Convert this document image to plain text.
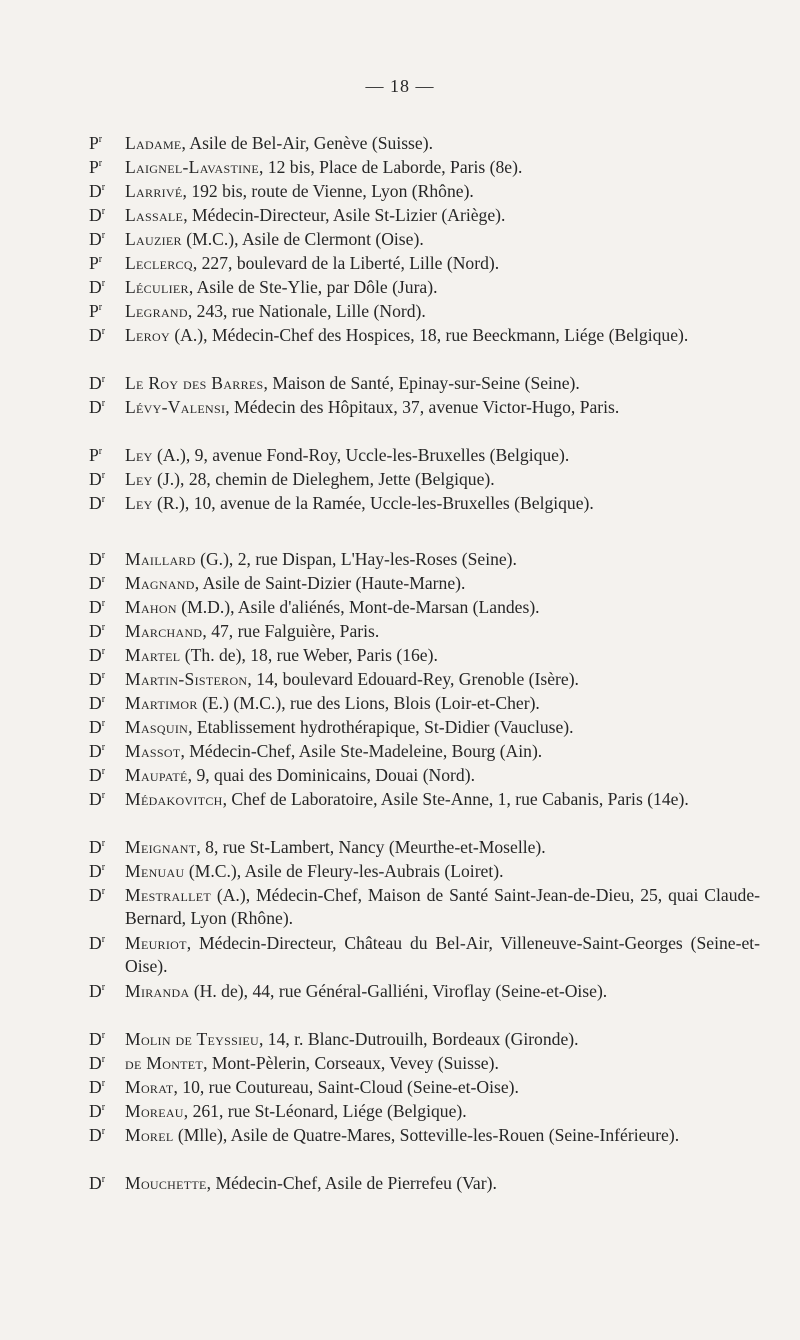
— 18 —

$P^r$ Ladame, Asile de Bel-Air, Genève (Suisse).

$P^r$ Laignel-Lavastine, 12 bis, Place de Laborde, Paris (8e).

$D^r$ Larrivé, 192 bis, route de Vienne, Lyon (Rhône).

$D^r$ Lassale, Médecin-Directeur, Asile St-Lizier (Ariège).

$D^r$ Lauzier (M.C.), Asile de Clermont (Oise).

$P^r$ Leclercq, 227, boulevard de la Liberté, Lille (Nord).

$D^r$ Léculier, Asile de Ste-Ylie, par Dôle (Jura).

$P^r$ Legrand, 243, rue Nationale, Lille (Nord).

$D^r$ Leroy (A.), Médecin-Chef des Hospices, 18, rue Beeckmann, Liége (Belgique).

$D^r$ Le Roy des Barres, Maison de Santé, Epinay-sur-Seine (Seine).

$D^r$ Lévy-Valensi, Médecin des Hôpitaux, 37, avenue Victor-Hugo, Paris.

$P^r$ Ley (A.), 9, avenue Fond-Roy, Uccle-les-Bruxelles (Belgique).

$D^r$ Ley (J.), 28, chemin de Dieleghem, Jette (Belgique).

$D^r$ Ley (R.), 10, avenue de la Ramée, Uccle-les-Bruxelles (Belgique).

$D^r$ Maillard (G.), 2, rue Dispan, L'Hay-les-Roses (Seine).

$D^r$ Magnand, Asile de Saint-Dizier (Haute-Marne).

$D^r$ Mahon (M.D.), Asile d'aliénés, Mont-de-Marsan (Landes).

$D^r$ Marchand, 47, rue Falguière, Paris.

$D^r$ Martel (Th. de), 18, rue Weber, Paris (16e).

$D^r$ Martin-Sisteron, 14, boulevard Edouard-Rey, Grenoble (Isère).

$D^r$ Martimor (E.) (M.C.), rue des Lions, Blois (Loir-et-Cher).

$D^r$ Masquin, Etablissement hydrothérapique, St-Didier (Vaucluse).

$D^r$ Massot, Médecin-Chef, Asile Ste-Madeleine, Bourg (Ain).

$D^r$ Maupaté, 9, quai des Dominicains, Douai (Nord).

$D^r$ Médakovitch, Chef de Laboratoire, Asile Ste-Anne, 1, rue Cabanis, Paris (14e).

$D^r$ Meignant, 8, rue St-Lambert, Nancy (Meurthe-et-Moselle).

$D^r$ Menuau (M.C.), Asile de Fleury-les-Aubrais (Loiret).

$D^r$ Mestrallet (A.), Médecin-Chef, Maison de Santé Saint-Jean-de-Dieu, 25, quai Claude-Bernard, Lyon (Rhône).

$D^r$ Meuriot, Médecin-Directeur, Château du Bel-Air, Villeneuve-Saint-Georges (Seine-et-Oise).

$D^r$ Miranda (H. de), 44, rue Général-Galliéni, Viroflay (Seine-et-Oise).

$D^r$ Molin de Teyssieu, 14, r. Blanc-Dutrouilh, Bordeaux (Gironde).

$D^r$ de Montet, Mont-Pèlerin, Corseaux, Vevey (Suisse).

$D^r$ Morat, 10, rue Coutureau, Saint-Cloud (Seine-et-Oise).

$D^r$ Moreau, 261, rue St-Léonard, Liége (Belgique).

$D^r$ Morel (Mlle), Asile de Quatre-Mares, Sotteville-les-Rouen (Seine-Inférieure).

$D^r$ Mouchette, Médecin-Chef, Asile de Pierrefeu (Var).
